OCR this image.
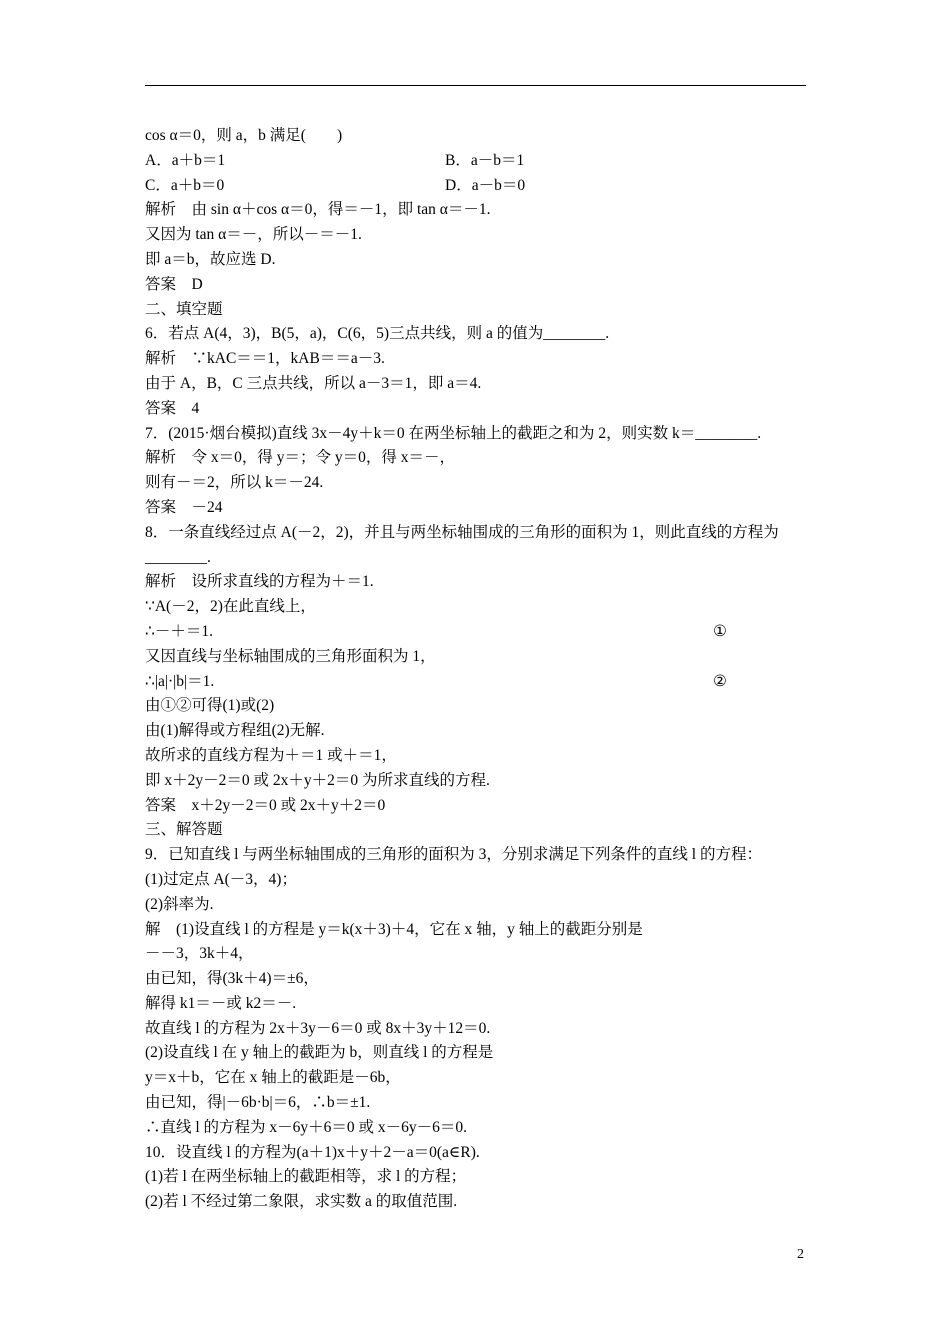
cos α＝0，则 a，b 满足(　　)
A．a＋b＝1	B．a－b＝1
C．a＋b＝0	D．a－b＝0
解析　由 sin α＋cos α＝0，得＝－1，即 tan α＝－1.
又因为 tan α＝－，所以－＝－1.
即 a＝b，故应选 D.
答案　D
二、填空题
6．若点 A(4，3)，B(5，a)，C(6，5)三点共线，则 a 的值为________.
解析　∵kAC＝＝1，kAB＝＝a－3.
由于 A，B，C 三点共线，所以 a－3＝1，即 a＝4.
答案　4
7．(2015·烟台模拟)直线 3x－4y＋k＝0 在两坐标轴上的截距之和为 2，则实数 k＝________.
解析　令 x＝0，得 y＝；令 y＝0，得 x＝－，
则有－＝2，所以 k＝－24.
答案　－24
8．一条直线经过点 A(－2，2)，并且与两坐标轴围成的三角形的面积为 1，则此直线的方程为
________.
解析　设所求直线的方程为＋＝1.
∵A(－2，2)在此直线上，
∴－＋＝1.	①
又因直线与坐标轴围成的三角形面积为 1，
∴|a|·|b|＝1.	②
由①②可得(1)或(2)
由(1)解得或方程组(2)无解.
故所求的直线方程为＋＝1 或＋＝1，
即 x＋2y－2＝0 或 2x＋y＋2＝0 为所求直线的方程.
答案　x＋2y－2＝0 或 2x＋y＋2＝0
三、解答题
9．已知直线 l 与两坐标轴围成的三角形的面积为 3，分别求满足下列条件的直线 l 的方程：
(1)过定点 A(－3，4)；
(2)斜率为.
解　(1)设直线 l 的方程是 y＝k(x＋3)＋4，它在 x 轴，y 轴上的截距分别是
－－3，3k＋4，
由已知，得(3k＋4)＝±6，
解得 k1＝－或 k2＝－.
故直线 l 的方程为 2x＋3y－6＝0 或 8x＋3y＋12＝0.
(2)设直线 l 在 y 轴上的截距为 b，则直线 l 的方程是
y＝x＋b，它在 x 轴上的截距是－6b，
由已知，得|－6b·b|＝6，∴b＝±1.
∴直线 l 的方程为 x－6y＋6＝0 或 x－6y－6＝0.
10．设直线 l 的方程为(a＋1)x＋y＋2－a＝0(a∈R).
(1)若 l 在两坐标轴上的截距相等，求 l 的方程；
(2)若 l 不经过第二象限，求实数 a 的取值范围.
2
